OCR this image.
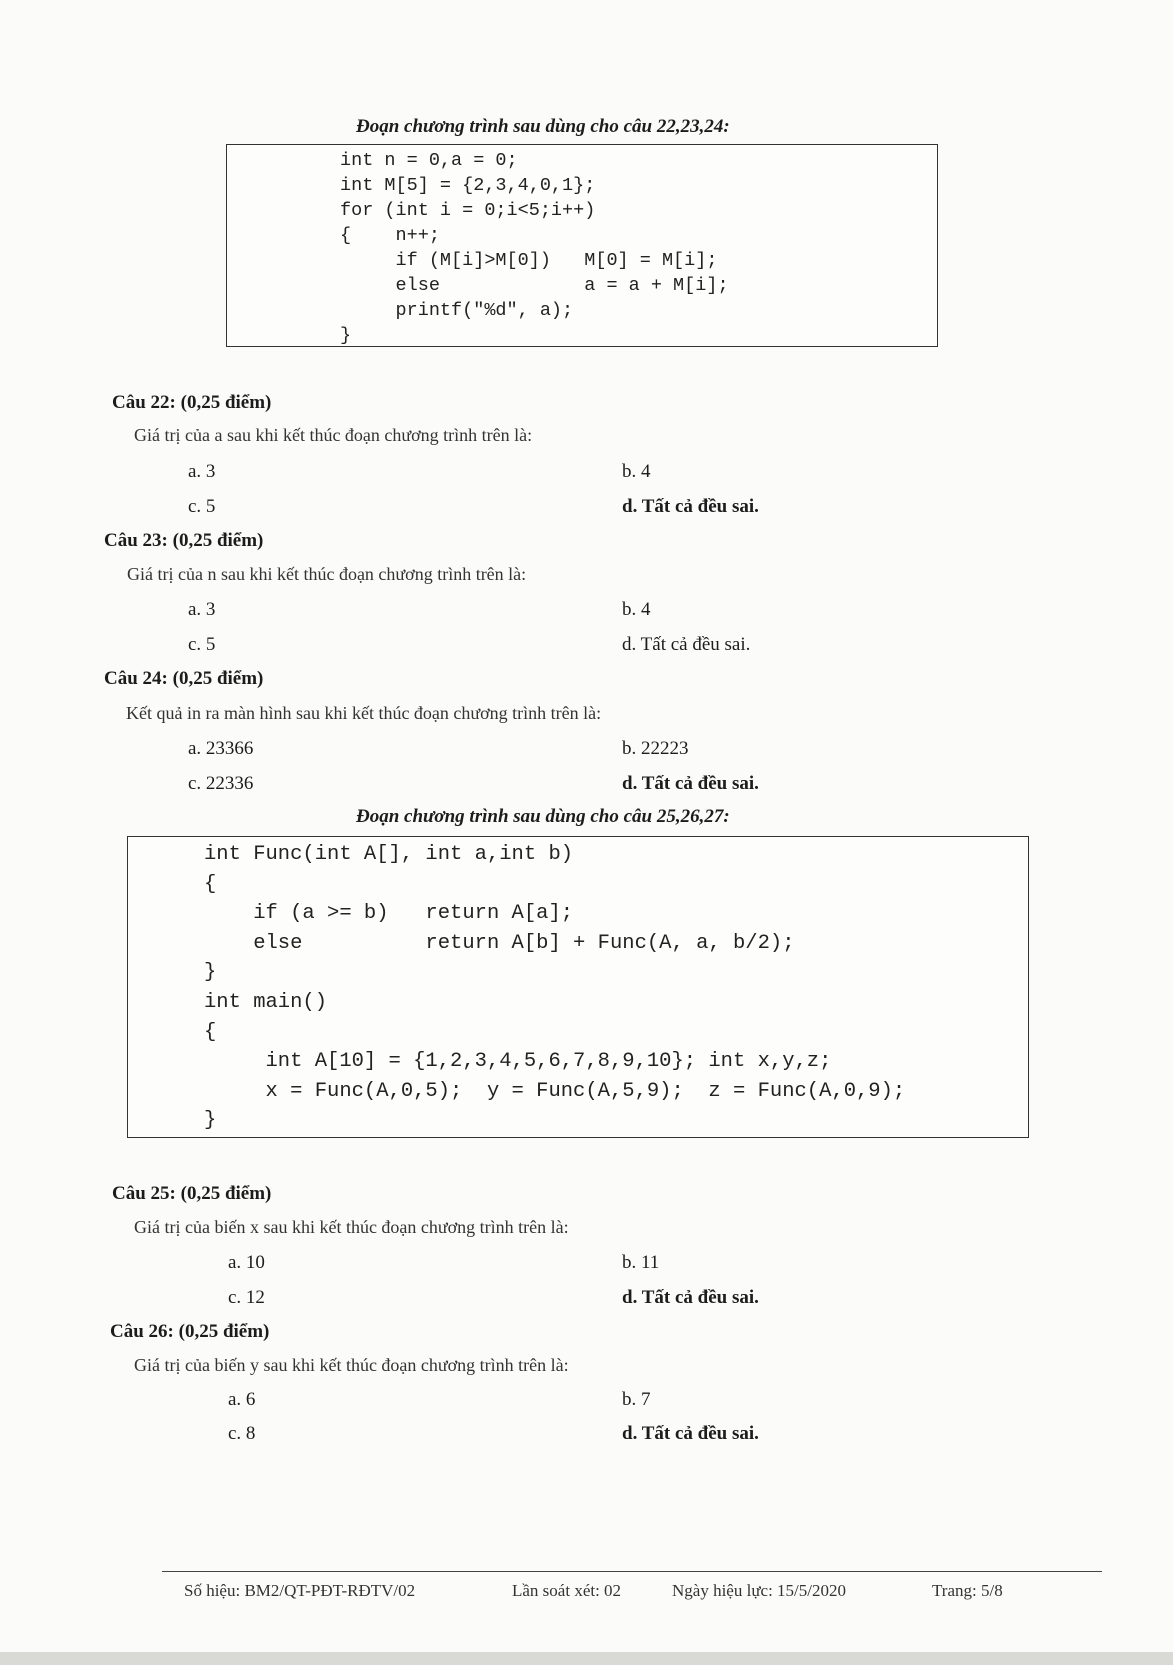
Đoạn chương trình sau dùng cho câu 22,23,24:
int n = 0,a = 0;
int M[5] = {2,3,4,0,1};
for (int i = 0;i<5;i++)
{    n++;
if (M[i]>M[0])   M[0] = M[i];
else             a = a + M[i];
printf("%d", a);
}
Câu 22: (0,25 điểm)
Giá trị của a sau khi kết thúc đoạn chương trình trên là:
a. 3	b. 4
c. 5	d. Tất cả đều sai.
Câu 23: (0,25 điểm)
Giá trị của n sau khi kết thúc đoạn chương trình trên là:
a. 3	b. 4
c. 5	d. Tất cả đều sai.
Câu 24: (0,25 điểm)
Kết quả in ra màn hình sau khi kết thúc đoạn chương trình trên là:
a. 23366	b. 22223
c. 22336	d. Tất cả đều sai.
Đoạn chương trình sau dùng cho câu 25,26,27:
int Func(int A[], int a,int b)
{
if (a >= b)   return A[a];
else          return A[b] + Func(A, a, b/2);
}
int main()
{
int A[10] = {1,2,3,4,5,6,7,8,9,10}; int x,y,z;
x = Func(A,0,5);  y = Func(A,5,9);  z = Func(A,0,9);
}
Câu 25: (0,25 điểm)
Giá trị của biến x sau khi kết thúc đoạn chương trình trên là:
a. 10	b. 11
c. 12	d. Tất cả đều sai.
Câu 26: (0,25 điểm)
Giá trị của biến y sau khi kết thúc đoạn chương trình trên là:
a. 6	b. 7
c. 8	d. Tất cả đều sai.
Số hiệu: BM2/QT-PĐT-RĐTV/02	Lần soát xét: 02	Ngày hiệu lực: 15/5/2020	Trang: 5/8
